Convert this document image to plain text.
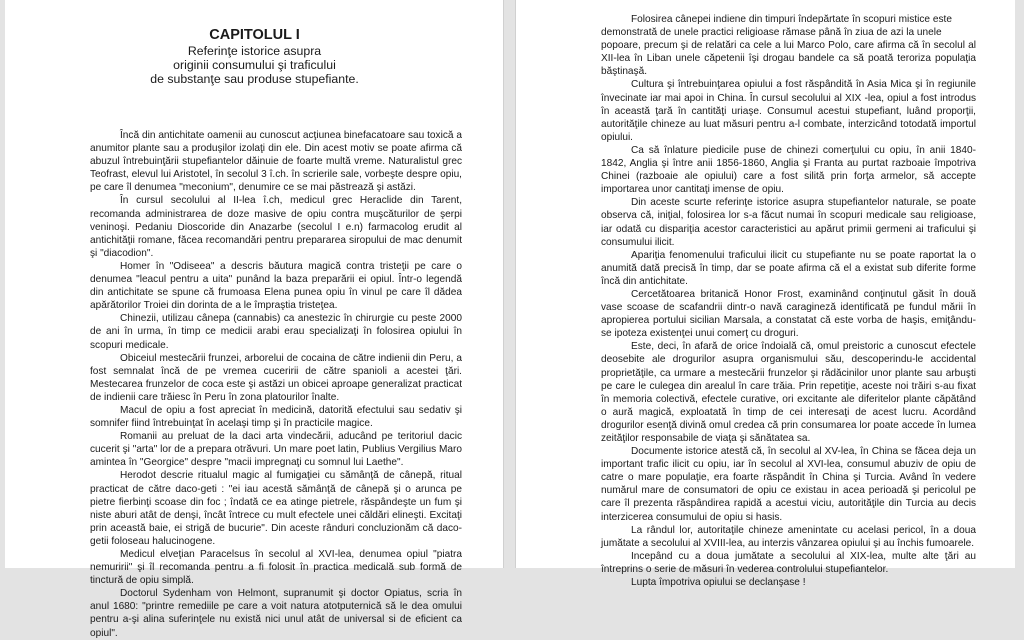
CAPITOLUL I

Referinţe istorice asupra

originii consumului şi traficului

de substanţe sau produse stupefiante.

Încă din antichitate oamenii au cunoscut acţiunea binefacatoare sau toxică a anumitor plante sau a produşilor izolaţi din ele. Din acest motiv se poate afirma că abuzul întrebuinţării stupefiantelor dăinuie de foarte multă vreme. Naturalistul grec Teofrast, elevul lui Aristotel, în secolul 3 î.ch. în scrierile sale, vorbeşte despre opiu, pe care îl denumea "meconium", denumire ce se mai păstrează şi astăzi.

În cursul secolului al II-lea î.ch, medicul grec Heraclide din Tarent, recomanda administrarea de doze masive de opiu contra muşcăturilor de şerpi veninoşi. Pedaniu Dioscoride din Anazarbe (secolul I e.n) farmacolog erudit al antichităţii romane, făcea recomandări pentru prepararea siropului de mac denumit şi "diacodion".

Homer în "Odiseea" a descris băutura magică contra tristeţii pe care o denumea "leacul pentru a uita" punând la baza preparării ei opiul. Într-o legendă din antichitate se spune că frumoasa Elena punea opiu în vinul pe care îl dădea apărătorilor Troiei din dorinta de a le împraştia tristeţea.

Chinezii, utilizau cânepa (cannabis) ca anestezic în chirurgie cu peste 2000 de ani în urma, în timp ce medicii arabi erau specializaţi în folosirea opiului în scopuri medicale.

Obiceiul mestecării frunzei, arborelui de cocaina de către indienii din Peru, a fost semnalat încă de pe vremea cuceririi de către spanioli a acestei ţări. Mestecarea frunzelor de coca este şi astăzi un obicei aproape generalizat practicat de indienii care trăiesc în Peru în zona platourilor înalte.

Macul de opiu a fost apreciat în medicină, datorită efectului sau sedativ şi somnifer fiind întrebuinţat în acelaşi timp şi în practicile magice.

Romanii au preluat de la daci arta vindecării, aducând pe teritoriul dacic cucerit şi "arta" lor de a prepara otrăvuri. Un mare poet latin, Publius Vergilius Maro amintea în "Georgice" despre "macii impregnaţi cu somnul lui Laethe".

Herodot descrie ritualul magic al fumigaţiei cu sămânţă de cânepă, ritual practicat de către daco-geti : "ei iau acestă sămânţă de cânepă şi o arunca pe pietre fierbinţi scoase din foc ; îndată ce ea atinge pietrele, răspândeşte un fum şi niste aburi atât de denşi, încât întrece cu mult efectele unei căldări elineşti. Excitaţi prin această baie, ei strigă de bucurie". Din aceste rânduri concluzionăm că daco-getii foloseau halucinogene.

Medicul elveţian Paracelsus în secolul al XVI-lea, denumea opiul "piatra nemuririi" şi îl recomanda pentru a fi folosit în practica medicală sub formă de tinctură de opiu simplă.

Doctorul Sydenham von Helmont, supranumit şi doctor Opiatus, scria în anul 1680: "printre remediile pe care a voit natura atotputernică să le dea omului pentru a-şi alina suferinţele nu există nici unul atât de universal si de eficient ca opiul".

Folosirea cânepei indiene din timpuri îndepărtate în scopuri mistice este demonstrată de unele practici religioase rămase până în ziua de azi la unele

popoare, precum şi de relatări ca cele a lui Marco Polo, care afirma că în secolul al XII-lea în Liban unele căpetenii îşi drogau bandele ca să poată teroriza populaţia băştinaşă.

Cultura şi întrebuinţarea opiului a fost răspândită în Asia Mica şi în regiunile învecinate iar mai apoi in China. În cursul secolului al XIX -lea, opiul a fost introdus în această ţară în cantităţi uriaşe. Consumul acestui stupefiant, luând proporţii, autorităţile chineze au luat măsuri pentru a-l combate, interzicând totodată importul opiului.

Ca să înlature piedicile puse de chinezi comerţului cu opiu, în anii 1840-1842, Anglia şi între anii 1856-1860, Anglia şi Franta au purtat razboaie împotriva Chinei (razboaie ale opiului) care a fost silită prin forţa armelor, să accepte importarea unor cantitaţi imense de opiu.

Din aceste scurte referinţe istorice asupra stupefiantelor naturale, se poate observa că, iniţial, folosirea lor s-a făcut numai în scopuri medicale sau religioase, iar odată cu dispariţia acestor caracteristici au apărut primii germeni ai traficului şi consumului ilicit.

Apariţia fenomenului traficului ilicit cu stupefiante nu se poate raportat la o anumită dată precisă în timp, dar se poate afirma că el a existat sub diferite forme încă din antichitate.

Cercetătoarea britanică Honor Frost, examinând conţinutul găsit în două vase scoase de scafandrii dintr-o navă caragineză identificată pe fundul mării în apropierea portului sicilian Marsala, a constatat că este vorba de haşis, emiţându-se ipoteza existenţei unui comerţ cu droguri.

Este, deci, în afară de orice îndoială că, omul preistoric a cunoscut efectele deosebite ale drogurilor asupra organismului său, descoperindu-le accidental proprietăţile, ca urmare a mestecării frunzelor şi rădăcinilor unor plante sau arbuşti pe care le culegea din arealul în care trăia. Prin repetiţie, aceste noi trăiri s-au fixat în memoria colectivă, efectele curative, ori excitante ale diferitelor plante căpătând o aură magică, exploatată în timp de cei interesaţi de acest lucru. Acordând drogurilor esenţă divină omul credea că prin consumarea lor poate accede în lumea zeităţilor responsabile de viaţa şi sănătatea sa.

Documente istorice atestă că, în secolul al XV-lea, în China se făcea deja un important trafic ilicit cu opiu, iar în secolul al XVI-lea, consumul abuziv de opiu de catre o mare populaţie, era foarte răspândit în China şi Turcia. Având în vedere numărul mare de consumatori de opiu ce existau in acea perioadă şi pericolul pe care îl prezenta răspândirea rapidă a acestui viciu, autorităţile din Turcia au decis interzicerea consumului de opiu si hasis.

La rândul lor, autoritaţile chineze amenintate cu acelasi pericol, în a doua jumătate a secolului al XVIII-lea, au interzis vânzarea opiului şi au închis fumoarele.

Incepând cu a doua jumătate a secolului al XIX-lea, multe alte ţări au întreprins o serie de măsuri în vederea controlului stupefiantelor.

Lupta împotriva opiului se declanşase !
